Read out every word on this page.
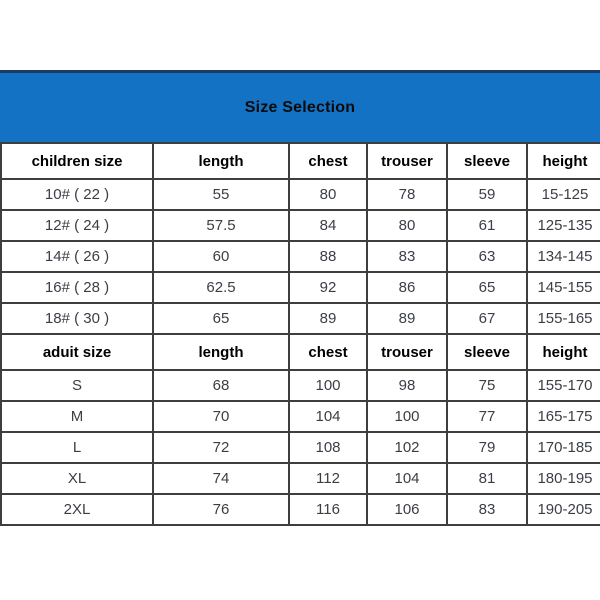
Size Selection
children size	length	chest	trouser	sleeve	height
10# ( 22 )	55	80	78	59	15-125
12# ( 24 )	57.5	84	80	61	125-135
14# ( 26 )	60	88	83	63	134-145
16# ( 28 )	62.5	92	86	65	145-155
18# ( 30 )	65	89	89	67	155-165
aduit size	length	chest	trouser	sleeve	height
S	68	100	98	75	155-170
M	70	104	100	77	165-175
L	72	108	102	79	170-185
XL	74	112	104	81	180-195
2XL	76	116	106	83	190-205
